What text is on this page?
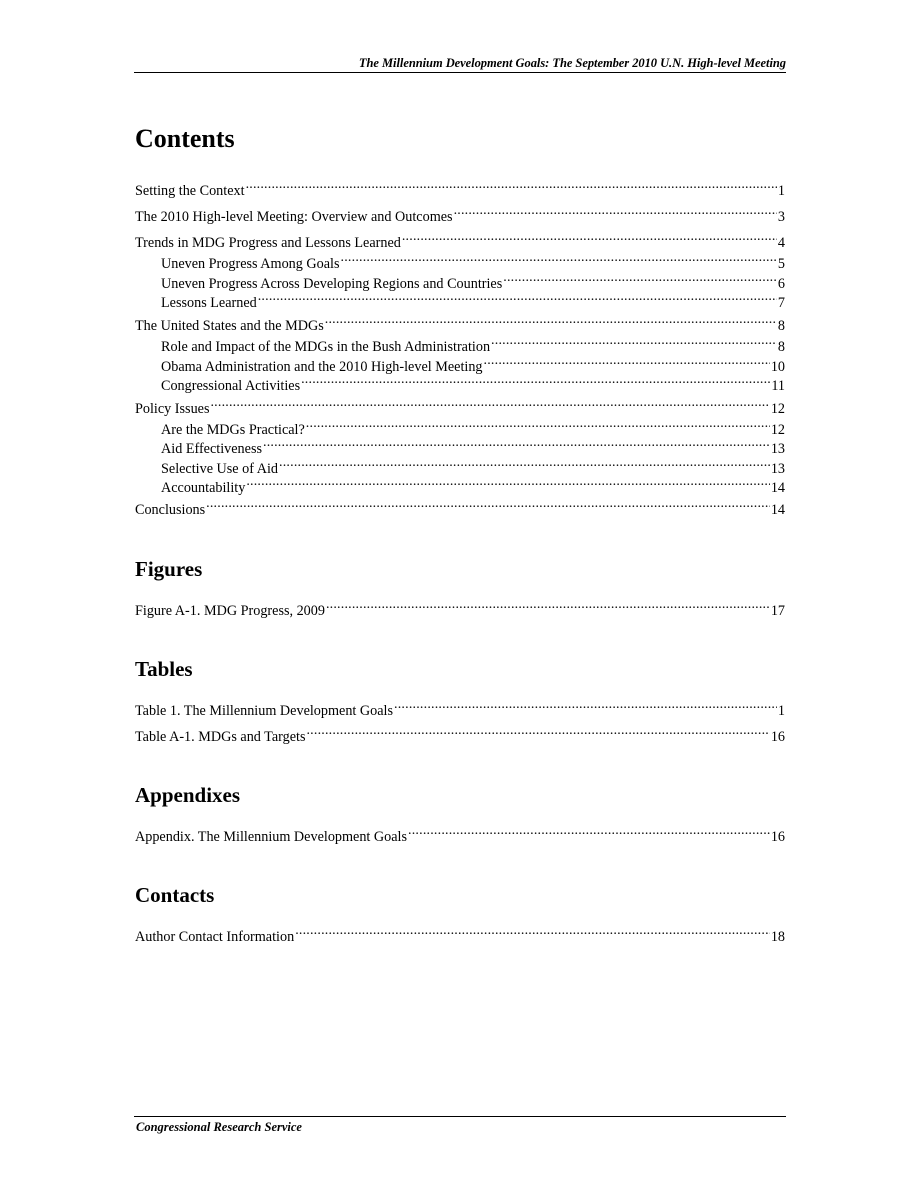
The Millennium Development Goals: The September 2010 U.N. High-level Meeting
Contents
Setting the Context .....	1
The 2010 High-level Meeting: Overview and Outcomes .....	3
Trends in MDG Progress and Lessons Learned .....	4
Uneven Progress Among Goals .....	5
Uneven Progress Across Developing Regions and Countries .....	6
Lessons Learned .....	7
The United States and the MDGs .....	8
Role and Impact of the MDGs in the Bush Administration .....	8
Obama Administration and the 2010 High-level Meeting .....	10
Congressional Activities .....	11
Policy Issues .....	12
Are the MDGs Practical? .....	12
Aid Effectiveness .....	13
Selective Use of Aid .....	13
Accountability .....	14
Conclusions .....	14
Figures
Figure A-1. MDG Progress, 2009 .....	17
Tables
Table 1. The Millennium Development Goals .....	1
Table A-1. MDGs and Targets .....	16
Appendixes
Appendix. The Millennium Development Goals .....	16
Contacts
Author Contact Information .....	18
Congressional Research Service
